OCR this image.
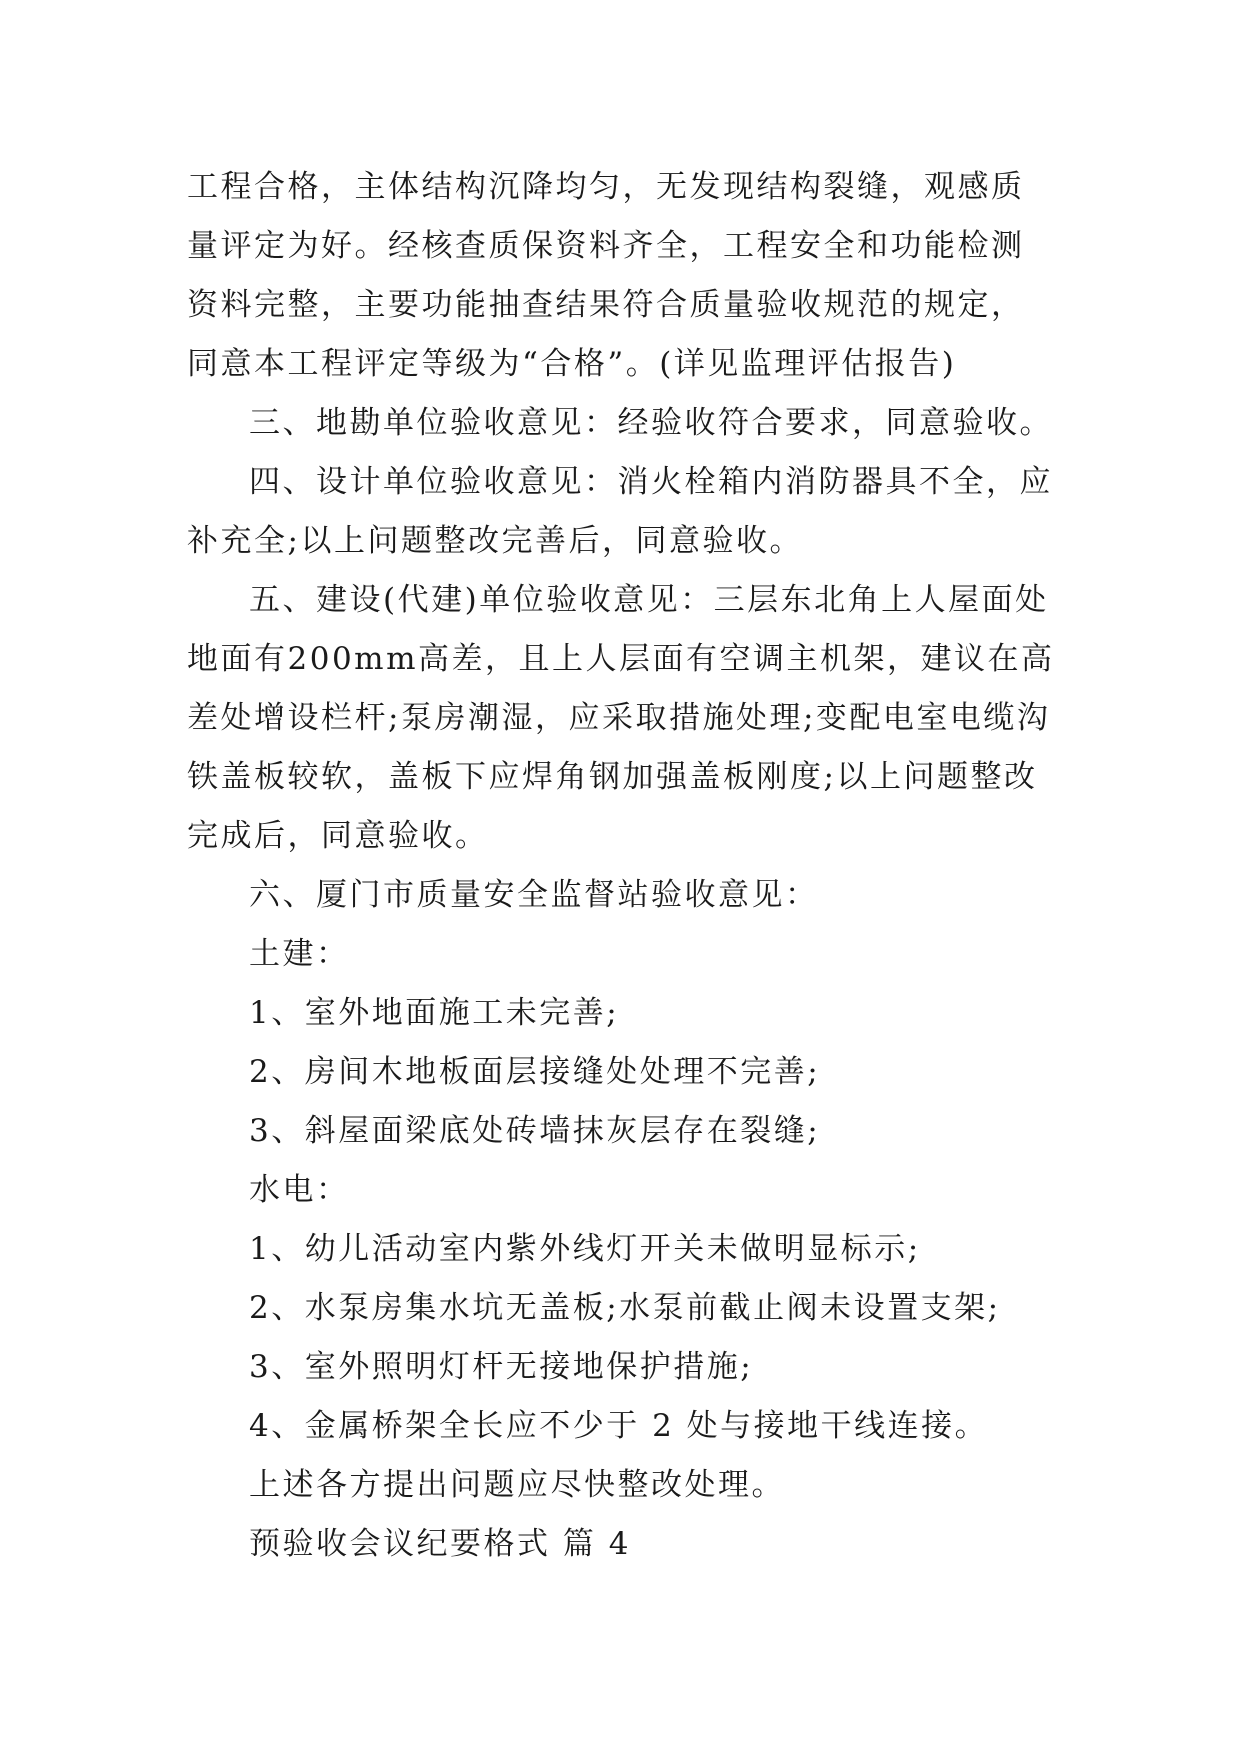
工程合格，主体结构沉降均匀，无发现结构裂缝，观感质量评定为好。经核查质保资料齐全，工程安全和功能检测资料完整，主要功能抽查结果符合质量验收规范的规定，同意本工程评定等级为“合格”。(详见监理评估报告)

三、地勘单位验收意见：经验收符合要求，同意验收。

四、设计单位验收意见：消火栓箱内消防器具不全，应补充全;以上问题整改完善后，同意验收。

五、建设(代建)单位验收意见：三层东北角上人屋面处地面有200mm高差，且上人层面有空调主机架，建议在高差处增设栏杆;泵房潮湿，应采取措施处理;变配电室电缆沟铁盖板较软，盖板下应焊角钢加强盖板刚度;以上问题整改完成后，同意验收。

六、厦门市质量安全监督站验收意见：

土建：

1、室外地面施工未完善;

2、房间木地板面层接缝处处理不完善;

3、斜屋面梁底处砖墙抹灰层存在裂缝;

水电：

1、幼儿活动室内紫外线灯开关未做明显标示;

2、水泵房集水坑无盖板;水泵前截止阀未设置支架;

3、室外照明灯杆无接地保护措施;

4、金属桥架全长应不少于 2 处与接地干线连接。

上述各方提出问题应尽快整改处理。

预验收会议纪要格式 篇 4
